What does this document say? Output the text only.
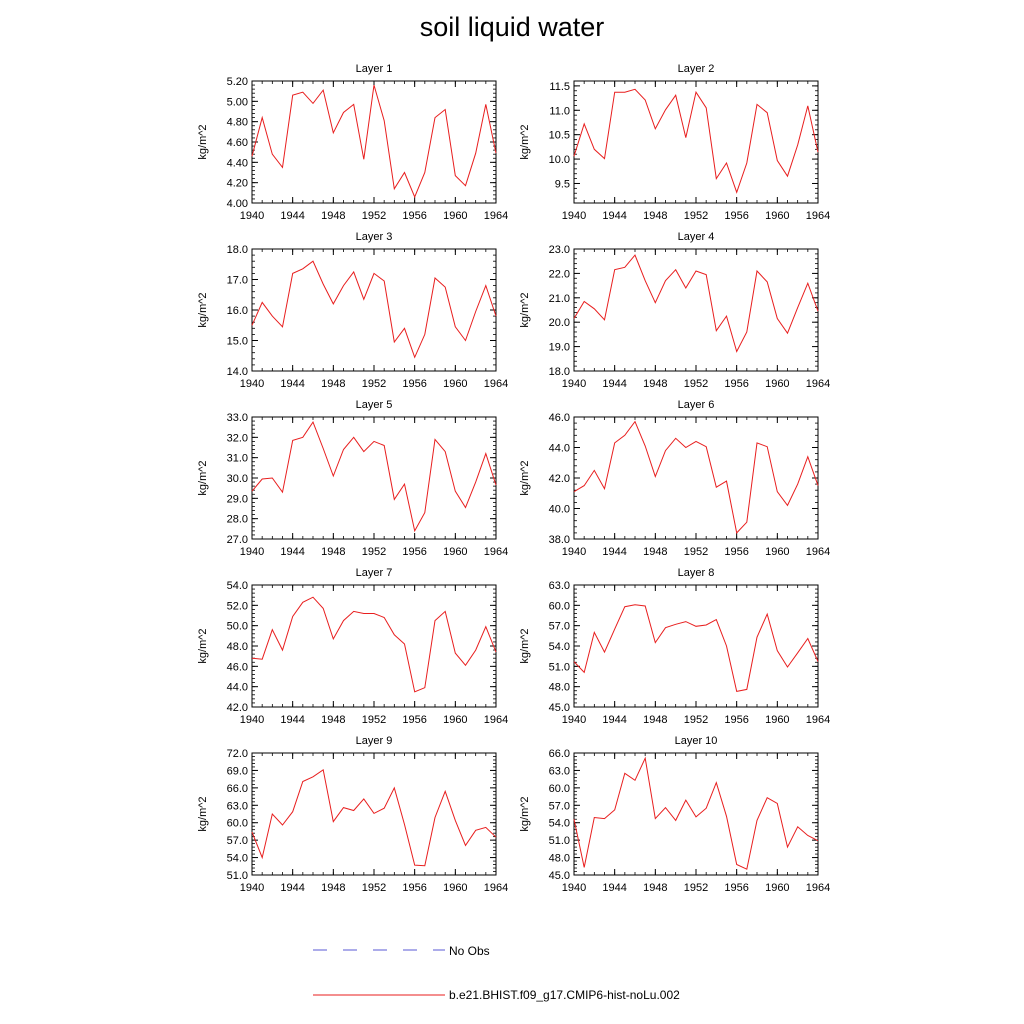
soil liquid water
Layer 1
1940 1944 1948 1952 1956 1960 1964
4.00
4.20
4.40
4.60
4.80
5.00
5.20
kg/m^2
Layer 2
1940 1944 1948 1952 1956 1960 1964
9.5
10.0
10.5
11.0
11.5
kg/m^2
Layer 3
1940 1944 1948 1952 1956 1960 1964
14.0
15.0
16.0
17.0
18.0
kg/m^2
Layer 4
1940 1944 1948 1952 1956 1960 1964
18.0
19.0
20.0
21.0
22.0
23.0
kg/m^2
Layer 5
1940 1944 1948 1952 1956 1960 1964
27.0
28.0
29.0
30.0
31.0
32.0
33.0
kg/m^2
Layer 6
1940 1944 1948 1952 1956 1960 1964
38.0
40.0
42.0
44.0
46.0
kg/m^2
Layer 7
1940 1944 1948 1952 1956 1960 1964
42.0
44.0
46.0
48.0
50.0
52.0
54.0
kg/m^2
Layer 8
1940 1944 1948 1952 1956 1960 1964
45.0
48.0
51.0
54.0
57.0
60.0
63.0
kg/m^2
Layer 9
1940 1944 1948 1952 1956 1960 1964
51.0
54.0
57.0
60.0
63.0
66.0
69.0
72.0
kg/m^2
Layer 10
1940 1944 1948 1952 1956 1960 1964
45.0
48.0
51.0
54.0
57.0
60.0
63.0
66.0
kg/m^2
No Obs
b.e21.BHIST.f09_g17.CMIP6-hist-noLu.002
